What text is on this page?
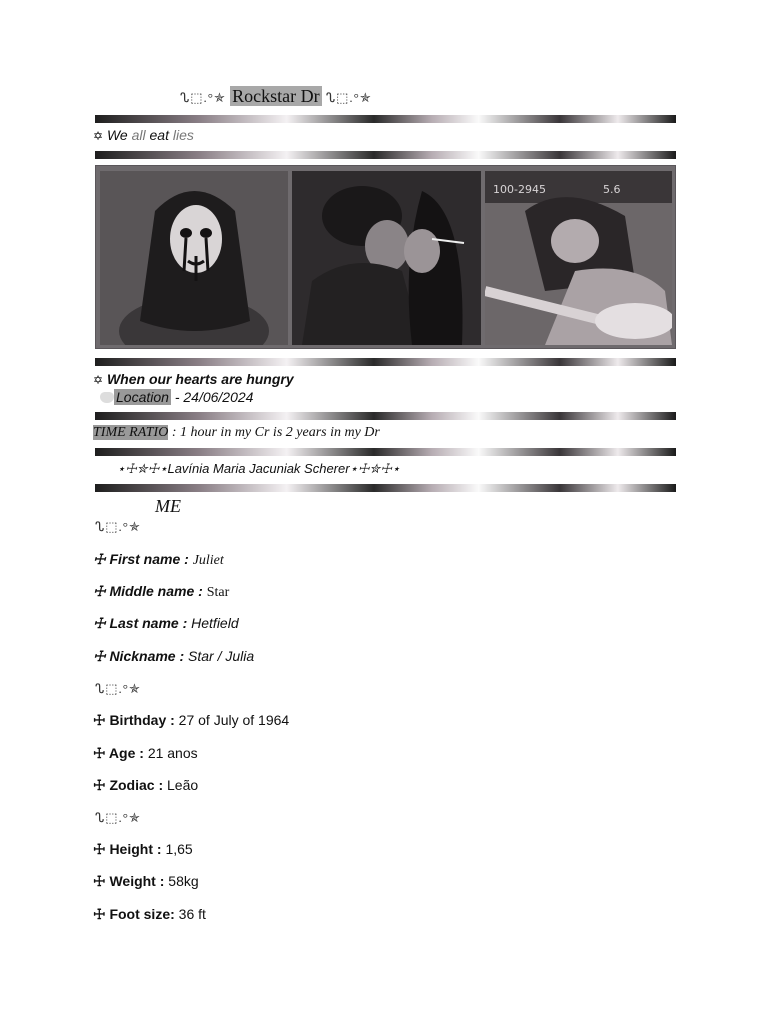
ᔐ⬚.°✯ Rockstar Dr ᔐ⬚.°✯
✡ We all eat lies
100-2945	5.6
✡ When our hearts are hungry
Location - 24/06/2024
TIME RATIO : 1 hour in my Cr is 2 years in my Dr
⋆☩✮☩⋆Lavínia Maria Jacuniak Scherer⋆☩✮☩⋆
ME
ᔐ⬚.°✯
☩ First name : Juliet
☩ Middle name : Star
☩ Last name : Hetfield
☩ Nickname : Star / Julia
ᔐ⬚.°✯
☩ Birthday : 27 of July of 1964
☩ Age : 21 anos
☩ Zodiac : Leão
ᔐ⬚.°✯
☩ Height : 1,65
☩ Weight : 58kg
☩ Foot size: 36 ft
